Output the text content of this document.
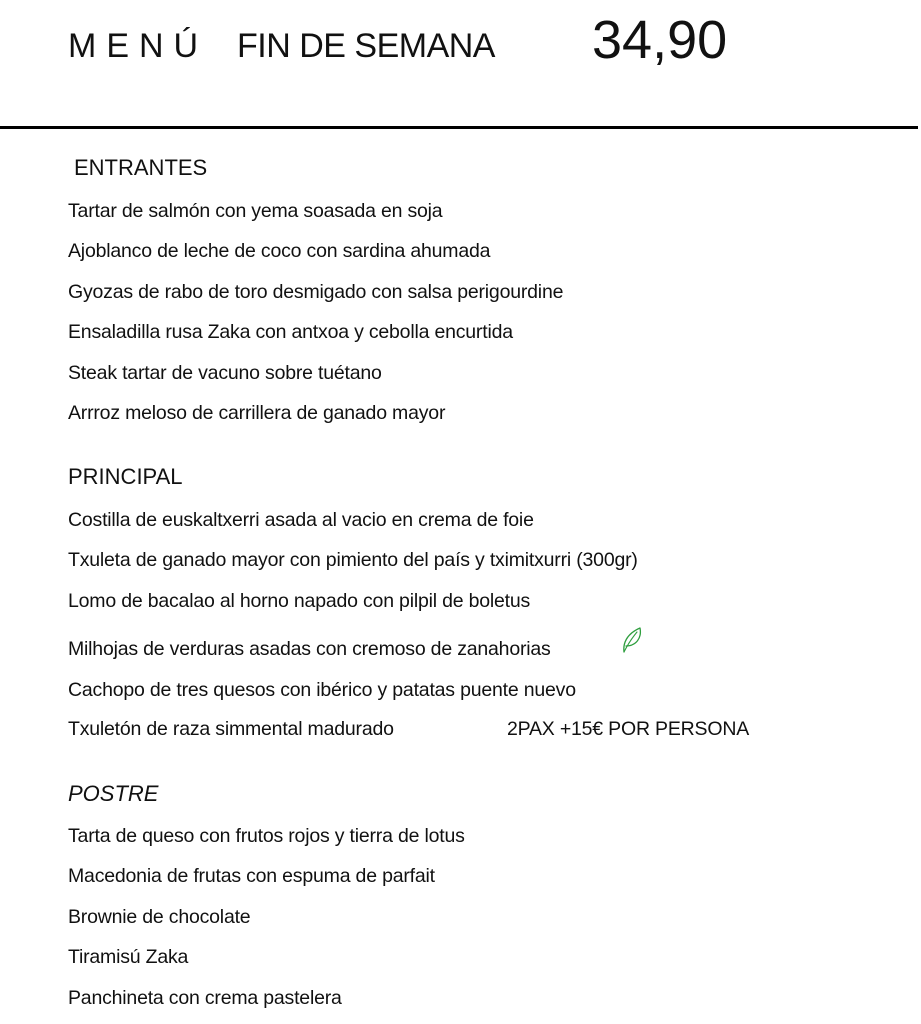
MENÚ FIN DE SEMANA 34,90
ENTRANTES
Tartar de salmón con yema soasada en soja
Ajoblanco de leche de coco con sardina ahumada
Gyozas de rabo de toro desmigado con salsa perigourdine
Ensaladilla rusa Zaka con antxoa y cebolla encurtida
Steak tartar de vacuno sobre tuétano
Arrroz meloso de carrillera de ganado mayor
PRINCIPAL
Costilla de euskaltxerri asada al vacio en crema de foie
Txuleta de ganado mayor con pimiento del país y tximitxurri (300gr)
Lomo de bacalao al horno napado con pilpil de boletus
Milhojas de verduras asadas con cremoso de zanahorias
Cachopo de tres quesos con ibérico y patatas puente nuevo
Txuletón de raza simmental madurado	2PAX +15€ POR PERSONA
POSTRE
Tarta de queso con frutos rojos y tierra de lotus
Macedonia de frutas con espuma de parfait
Brownie de chocolate
Tiramisú Zaka
Panchineta con crema pastelera
